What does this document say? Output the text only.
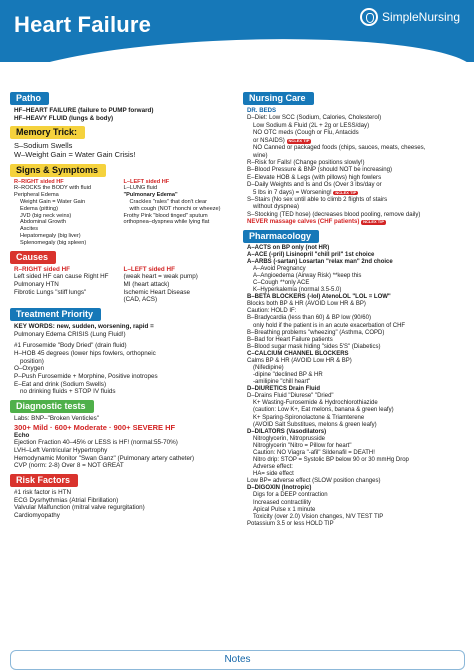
Heart Failure	SimpleNursing
Patho
HF–HEART FAILURE (failure to PUMP forward)
HF–HEAVY FLUID (lungs & body)
Memory Trick:
S–Sodium Swells
W–Weight Gain = Water Gain Crisis!
Signs & Symptoms
R–RIGHT sided HF
R–ROCKS the BODY with fluid
Peripheral Edema
Weight Gain = Water Gain
Edema (pitting)
JVD (big neck veins)
Abdominal Growth
Ascites
Hepatomegaly (big liver)
Splenomegaly (big spleen)
L–LEFT sided HF
L–LUNG fluid
"Pulmonary Edema"
Crackles "rales" that don't clear
with cough (NOT rhonchi or wheeze)
Frothy Pink "blood tinged" sputum
orthopnea–dyspnea while lying flat
Causes
R–RIGHT sided HF
Left sided HF can cause Right HF
Pulmonary HTN
Fibrotic Lungs "stiff lungs"
L–LEFT sided HF
(weak heart = weak pump)
MI (heart attack)
Ischemic Heart Disease
(CAD, ACS)
Treatment Priority
KEY WORDS: new, sudden, worsening, rapid =
Pulmonary Edema CRISIS (Lung Fluid!)
#1 Furosemide "Body Dried" (drain fluid)
H–HOB 45 degrees (lower hips fowlers, orthopneic
position)
O–Oxygen
P–Push Furosemide + Morphine, Positive inotropes
E–Eat and drink (Sodium Swells)
no drinking fluids + STOP IV fluids
Diagnostic tests
Labs: BNP–"Broken Venticles"
300+ Mild · 600+ Moderate · 900+ SEVERE HF
Echo
Ejection Fraction 40–45% or LESS is HF! (normal:55-70%)
LVH–Left Ventricular Hypertrophy
Hemodynamic Monitor "Swan Ganz" (Pulmonary artery catheter)
CVP (norm: 2-8) Over 8 = NOT GREAT
Risk Factors
#1 risk factor is HTN
ECG Dysrhythmias (Atrial Fibrillation)
Valvular Malfunction (mitral valve regurgitation)
Cardiomyopathy
Nursing Care
DR. BEDS
D–Diet: Low SCC (Sodium, Calories, Cholesterol)
Low Sodium & Fluid (2L + 2g or LESS/day)
NO OTC meds (Cough or Flu, Antacids
or NSAIDS) NCLEX TIP
NO Canned or packaged foods (chips, sauces, meats, cheeses,
wine)
R–Risk for Falls! (Change positions slowly!)
B–Blood Pressure & BNP (should NOT be increasing)
E–Elevate HOB & Legs (with pillows) high fowlers
D–Daily Weights and Is and Os (Over 3 lbs/day or
5 lbs in 7 days) = Worsening! NCLEX TIP
S–Stairs (No sex until able to climb 2 flights of stairs
without dyspnea)
S–Stocking (TED hose) (decreases blood pooling, remove daily)
NEVER massage calves (CHF patients) NCLEX TIP
Pharmacology
A–ACTS on BP only (not HR)
A–ACE (-pril) Lisinopril "chill pril" 1st choice
A–ARBS (-sartan) Losartan "relax man" 2nd choice
A–Avoid Pregnancy
A–Angioedema (Airway Risk) **keep this
C–Cough **only ACE
K–Hyperkalemia (normal 3.5-5.0)
B–BETA BLOCKERS (-lol) AtenoLOL "LOL = LOW"
Blocks both BP & HR (AVOID Low HR & BP)
Caution: HOLD IF:
B–Bradycardia (less than 60) & BP low (90/60)
only hold if the patient is in an acute exacerbation of CHF
B–Breathing problems "wheezing" (Asthma, COPD)
B–Bad for Heart Failure patients
B–Blood sugar mask hiding "sides 5'S" (Diabetics)
C–CALCIUM CHANNEL BLOCKERS
Calms BP & HR (AVOID Low HR & BP)
(Nifedipine)
-dipine "declined BP & HR
-amilipine "chill heart"
D–DIURETICS Drain Fluid
D–Drains Fluid "Diurese" "Dried"
K+ Wasting-Furosemide & Hydrochlorothiazide
(caution: Low K+, Eat melons, banana & green leafy)
K+ Sparing-Spironolactone & Triamterene
(AVOID Salt Substitues, melons & green leafy)
D–DILATORS (Vasodilators)
Nitroglycerin, Nitroprusside
Nitroglycerin "Nitro = Pillow for heart"
Caution: NO Viagra "-afil" Sildenafil = DEATH!
Nitro drip: STOP = Systolic BP below 90 or 30 mmHg Drop
Adverse effect:
HA= side effect
Low BP= adverse effect (SLOW position changes)
D–DIGOXIN (Inotropic)
Digs for a DEEP contraction
Increased contractility
Apical Pulse x 1 minute
Toxicity (over 2.0) Vision changes, N/V TEST TIP
Potassium 3.5 or less HOLD TIP
Notes
